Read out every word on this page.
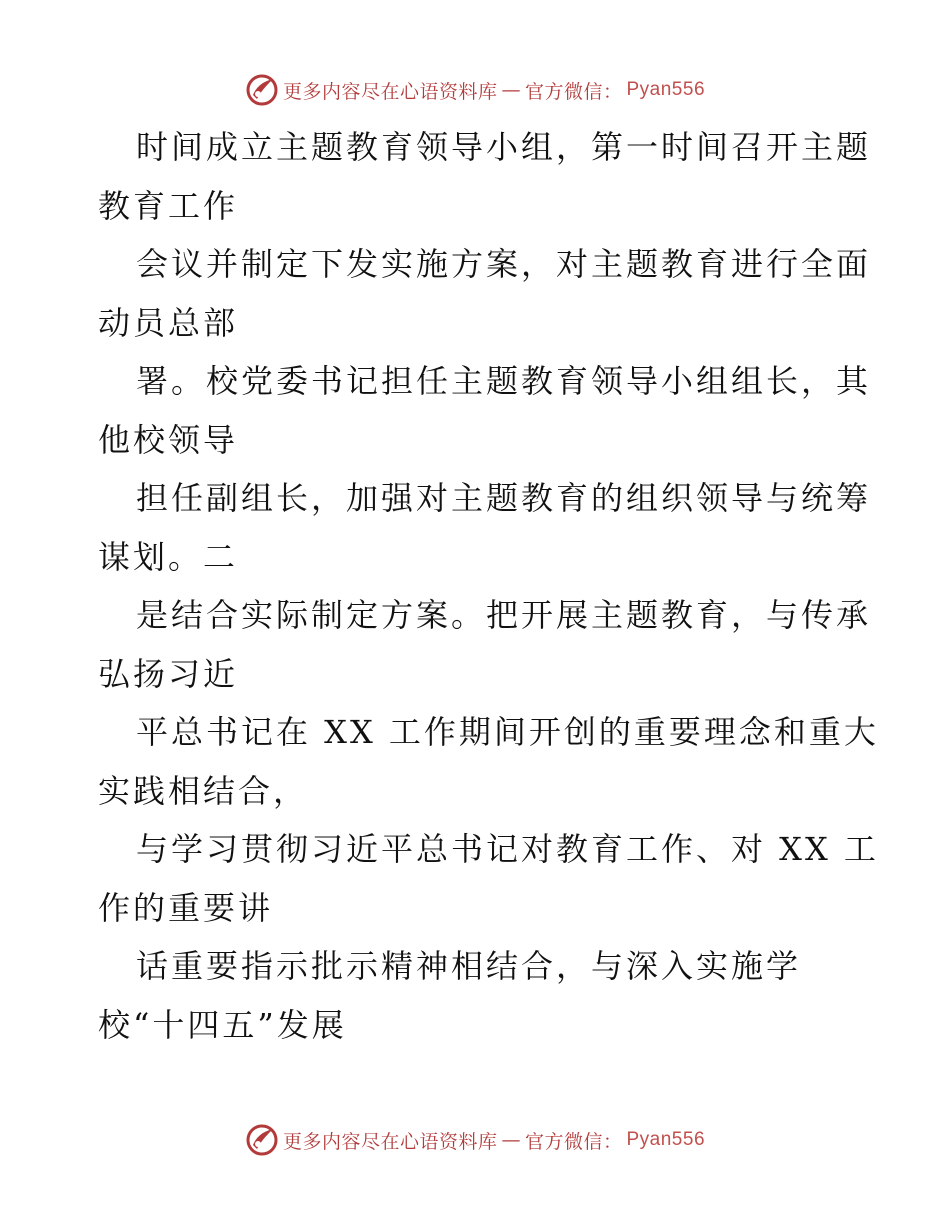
更多内容尽在心语资料库 — 官方微信： Pyan556
时间成立主题教育领导小组，第一时间召开主题
教育工作
会议并制定下发实施方案，对主题教育进行全面
动员总部
署。校党委书记担任主题教育领导小组组长，其
他校领导
担任副组长，加强对主题教育的组织领导与统筹
谋划。二
是结合实际制定方案。把开展主题教育，与传承
弘扬习近
平总书记在 XX 工作期间开创的重要理念和重大
实践相结合，
与学习贯彻习近平总书记对教育工作、对 XX 工
作的重要讲
话重要指示批示精神相结合，与深入实施学
校“十四五”发展
更多内容尽在心语资料库 — 官方微信： Pyan556
